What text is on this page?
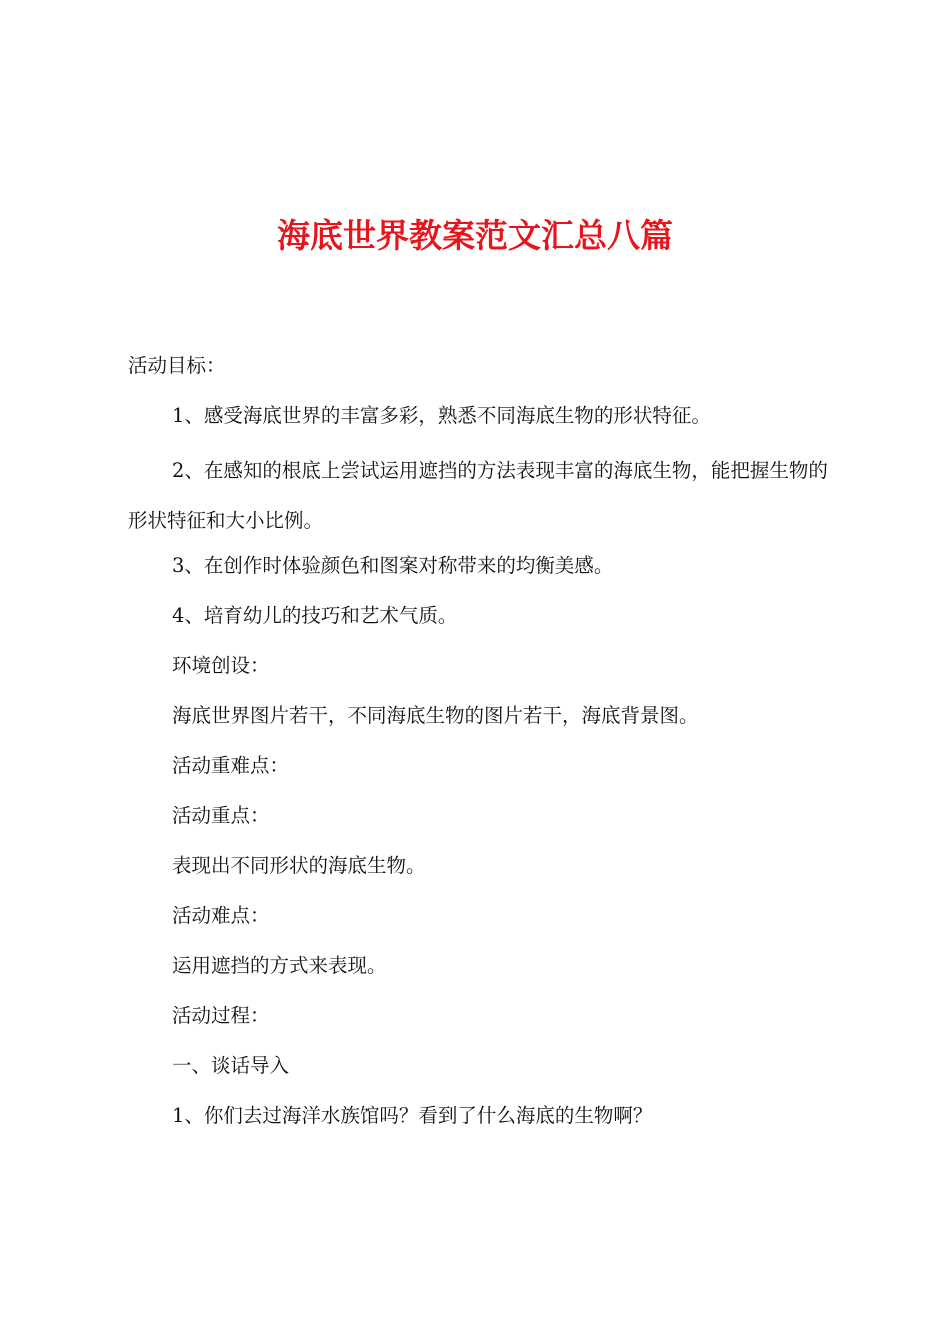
海底世界教案范文汇总八篇

活动目标：

1、感受海底世界的丰富多彩，熟悉不同海底生物的形状特征。

2、在感知的根底上尝试运用遮挡的方法表现丰富的海底生物，能把握生物的形状特征和大小比例。

3、在创作时体验颜色和图案对称带来的均衡美感。

4、培育幼儿的技巧和艺术气质。

环境创设：

海底世界图片若干，不同海底生物的图片若干，海底背景图。

活动重难点：

活动重点：

表现出不同形状的海底生物。

活动难点：

运用遮挡的方式来表现。

活动过程：

一、谈话导入

1、你们去过海洋水族馆吗？看到了什么海底的生物啊？
